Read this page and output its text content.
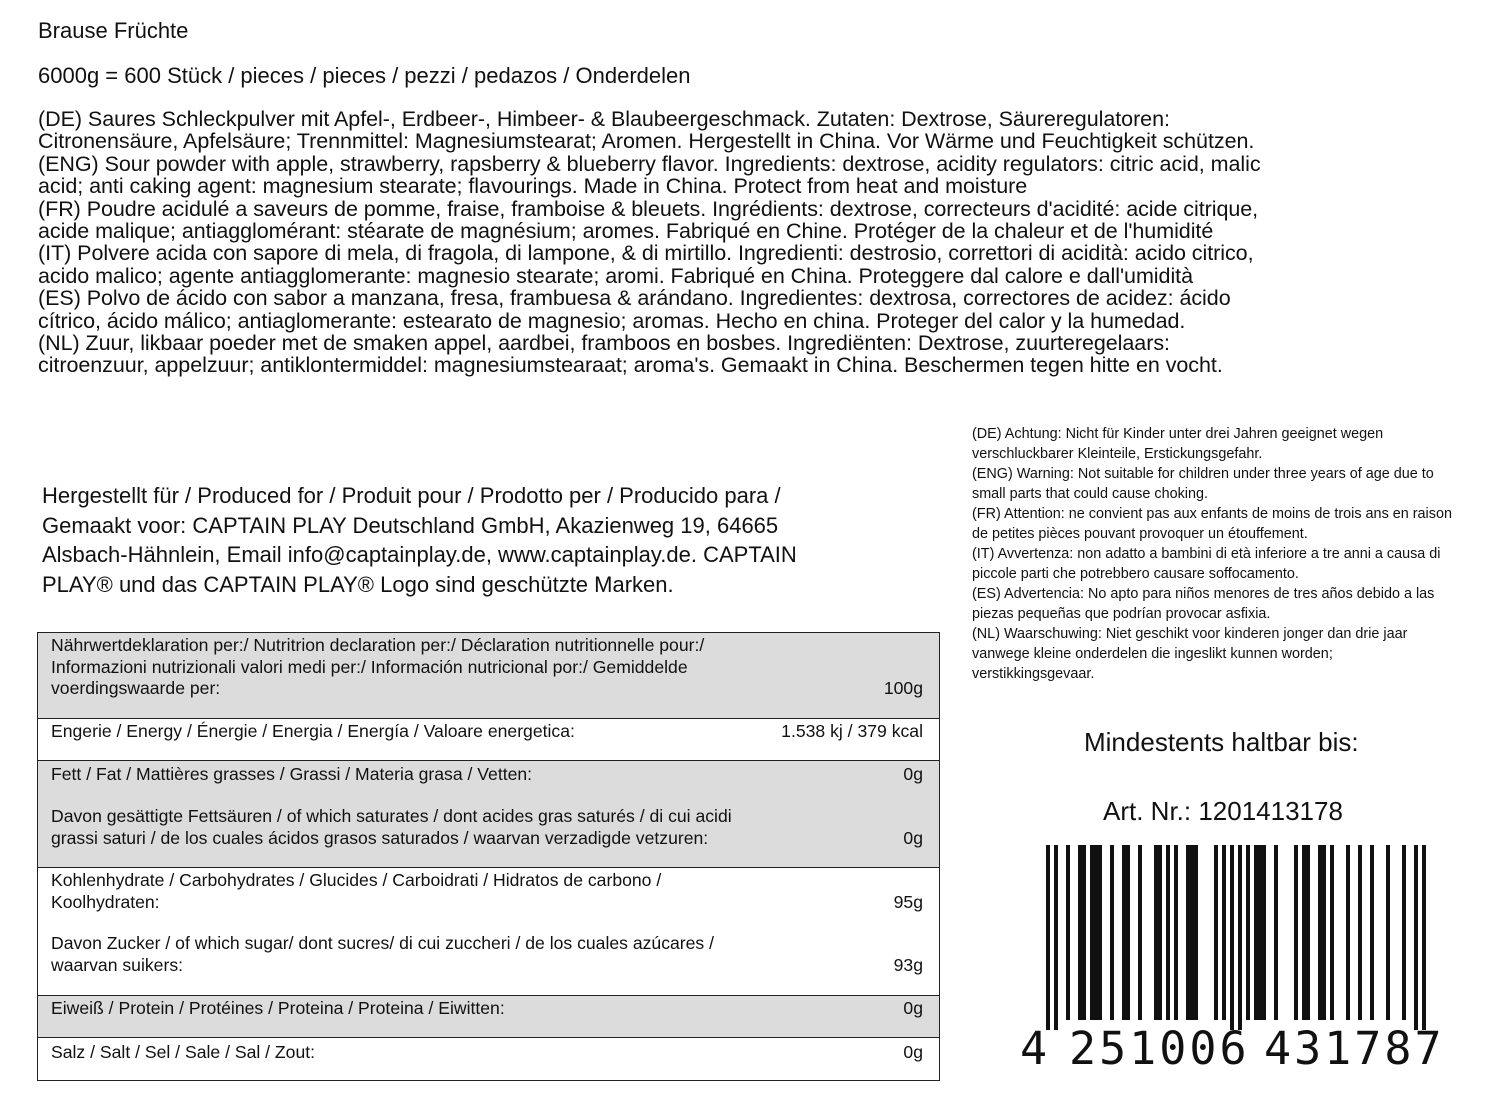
Brause Früchte
6000g = 600 Stück / pieces / pieces / pezzi / pedazos / Onderdelen
(DE) Saures Schleckpulver mit Apfel-, Erdbeer-, Himbeer- & Blaubeergeschmack. Zutaten: Dextrose, Säureregulatoren:
Citronensäure, Apfelsäure; Trennmittel: Magnesiumstearat; Aromen. Hergestellt in China. Vor Wärme und Feuchtigkeit schützen.
(ENG) Sour powder with apple, strawberry, rapsberry & blueberry flavor. Ingredients: dextrose, acidity regulators: citric acid, malic
acid; anti caking agent: magnesium stearate; flavourings. Made in China. Protect from heat and moisture
(FR) Poudre acidulé a saveurs de pomme, fraise, framboise & bleuets. Ingrédients: dextrose, correcteurs d'acidité: acide citrique,
acide malique; antiagglomérant: stéarate de magnésium; aromes. Fabriqué en Chine. Protéger de la chaleur et de l'humidité
(IT) Polvere acida con sapore di mela, di fragola, di lampone, & di mirtillo. Ingredienti: destrosio, correttori di acidità: acido citrico,
acido malico; agente antiagglomerante: magnesio stearate; aromi. Fabriqué en China. Proteggere dal calore e dall'umidità
(ES) Polvo de ácido con sabor a manzana, fresa, frambuesa & arándano. Ingredientes: dextrosa, correctores de acidez: ácido
cítrico, ácido málico; antiaglomerante: estearato de magnesio; aromas. Hecho en china. Proteger del calor y la humedad.
(NL) Zuur, likbaar poeder met de smaken appel, aardbei, framboos en bosbes. Ingrediënten: Dextrose, zuurteregelaars:
citroenzuur, appelzuur; antiklontermiddel: magnesiumstearaat; aroma's. Gemaakt in China. Beschermen tegen hitte en vocht.
Hergestellt für / Produced for / Produit pour / Prodotto per / Producido para /
Gemaakt voor: CAPTAIN PLAY Deutschland GmbH, Akazienweg 19, 64665
Alsbach-Hähnlein, Email info@captainplay.de, www.captainplay.de. CAPTAIN
PLAY® und das CAPTAIN PLAY® Logo sind geschützte Marken.
(DE) Achtung: Nicht für Kinder unter drei Jahren geeignet wegen
verschluckbarer Kleinteile, Erstickungsgefahr.
(ENG) Warning: Not suitable for children under three years of age due to
small parts that could cause choking.
(FR) Attention: ne convient pas aux enfants de moins de trois ans en raison
de petites pièces pouvant provoquer un étouffement.
(IT) Avvertenza: non adatto a bambini di età inferiore a tre anni a causa di
piccole parti che potrebbero causare soffocamento.
(ES) Advertencia: No apto para niños menores de tres años debido a las
piezas pequeñas que podrían provocar asfixia.
(NL) Waarschuwing: Niet geschikt voor kinderen jonger dan drie jaar
vanwege kleine onderdelen die ingeslikt kunnen worden;
verstikkingsgevaar.
Mindestents haltbar bis:
Art. Nr.: 1201413178
Nährwertdeklaration per:/ Nutritrion declaration per:/ Déclaration nutritionnelle pour:/
Informazioni nutrizionali valori medi per:/ Información nutricional por:/ Gemiddelde
voerdingswaarde per:	100g
Engerie / Energy / Énergie / Energia / Energía / Valoare energetica:	1.538 kj / 379 kcal
Fett / Fat / Mattières grasses / Grassi / Materia grasa / Vetten:	0g
Davon gesättigte Fettsäuren / of which saturates / dont acides gras saturés / di cui acidi
grassi saturi / de los cuales ácidos grasos saturados / waarvan verzadigde vetzuren:	0g
Kohlenhydrate / Carbohydrates / Glucides / Carboidrati / Hidratos de carbono /
Koolhydraten:	95g
Davon Zucker / of which sugar/ dont sucres/ di cui zuccheri / de los cuales azúcares /
waarvan suikers:	93g
Eiweiß / Protein / Protéines / Proteina / Proteina / Eiwitten:	0g
Salz / Salt / Sel / Sale / Sal / Zout:	0g 4 251006 431787
